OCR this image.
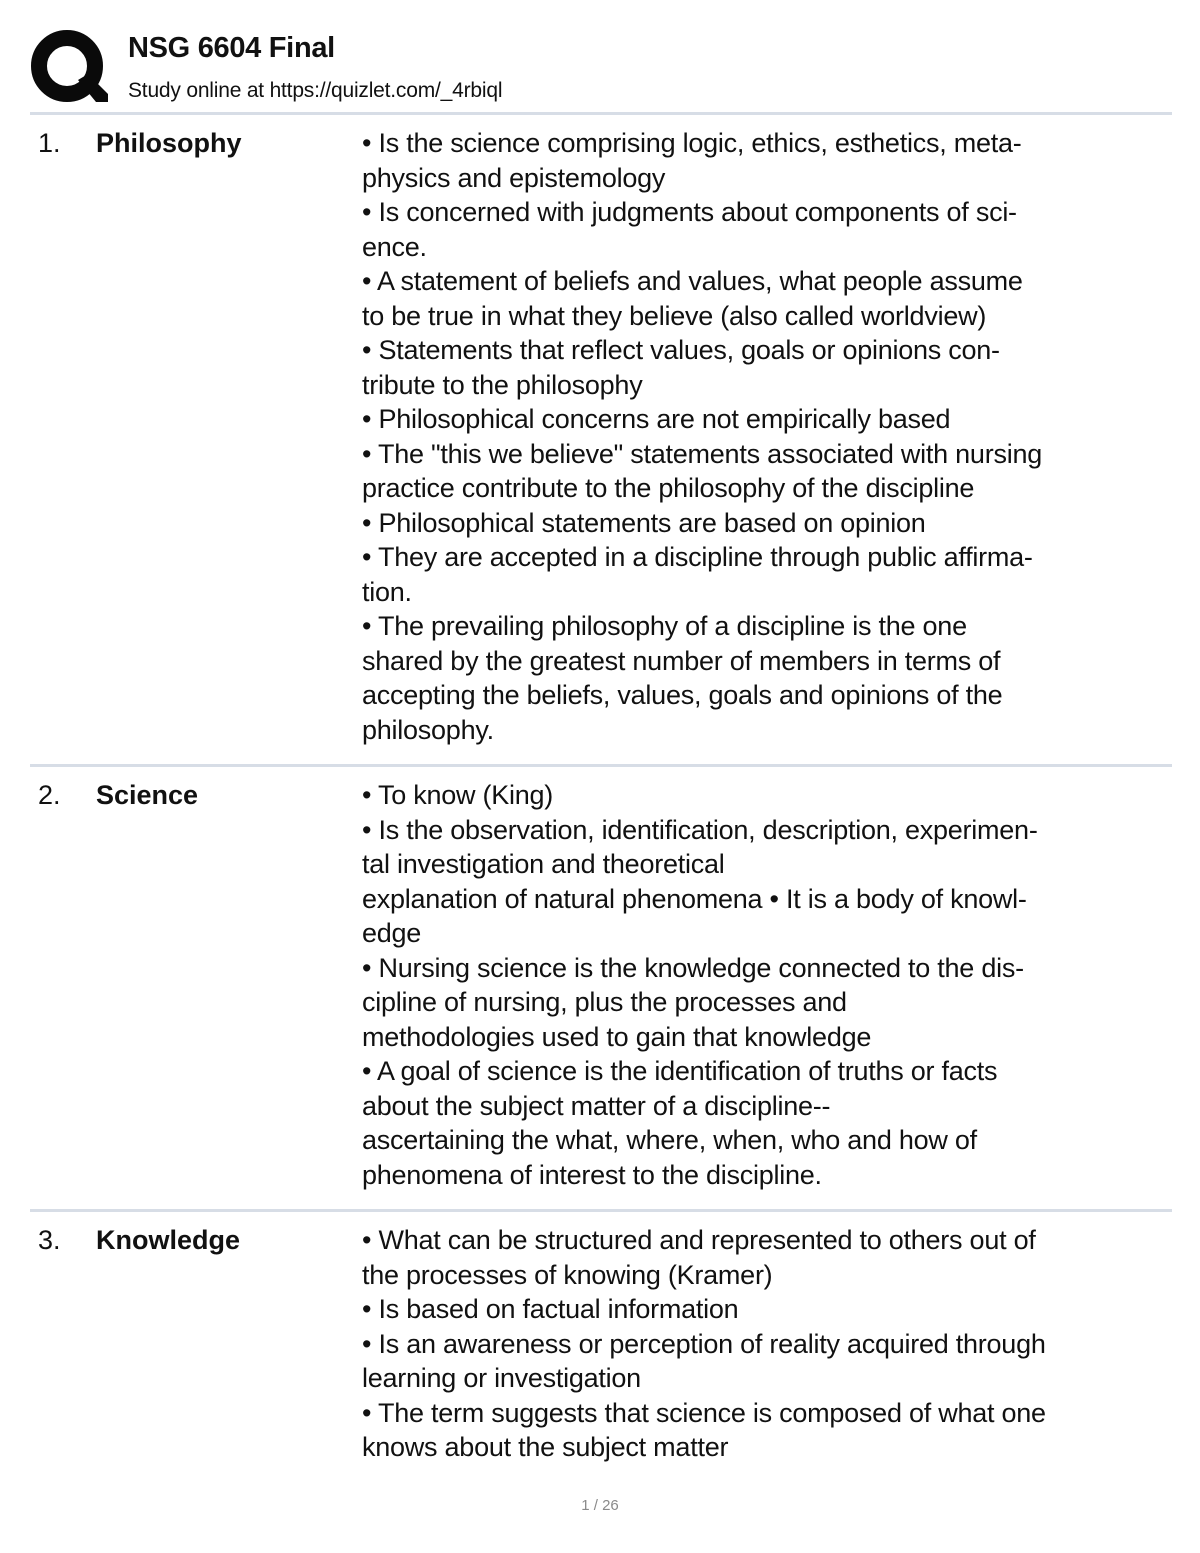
NSG 6604 Final
Study online at https://quizlet.com/_4rbiql
1. Philosophy	• Is the science comprising logic, ethics, esthetics, meta-
physics and epistemology
• Is concerned with judgments about components of sci-
ence.
• A statement of beliefs and values, what people assume
to be true in what they believe (also called worldview)
• Statements that reflect values, goals or opinions con-
tribute to the philosophy
• Philosophical concerns are not empirically based
• The "this we believe" statements associated with nursing
practice contribute to the philosophy of the discipline
• Philosophical statements are based on opinion
• They are accepted in a discipline through public affirma-
tion.
• The prevailing philosophy of a discipline is the one
shared by the greatest number of members in terms of
accepting the beliefs, values, goals and opinions of the
philosophy.
2. Science	• To know (King)
• Is the observation, identification, description, experimen-
tal investigation and theoretical
explanation of natural phenomena • It is a body of knowl-
edge
• Nursing science is the knowledge connected to the dis-
cipline of nursing, plus the processes and
methodologies used to gain that knowledge
• A goal of science is the identification of truths or facts
about the subject matter of a discipline--
ascertaining the what, where, when, who and how of
phenomena of interest to the discipline.
3. Knowledge	• What can be structured and represented to others out of
the processes of knowing (Kramer)
• Is based on factual information
• Is an awareness or perception of reality acquired through
learning or investigation
• The term suggests that science is composed of what one
knows about the subject matter
1 / 26
